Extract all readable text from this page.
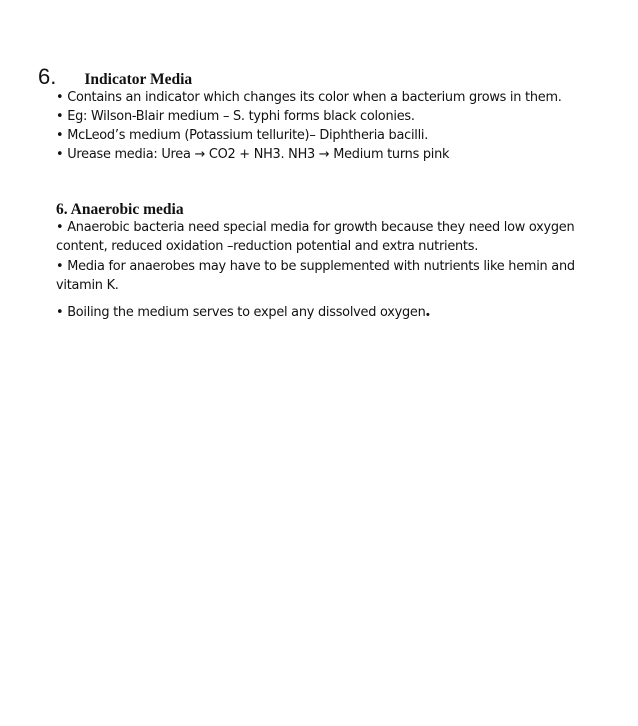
6. Indicator Media
• Contains an indicator which changes its color when a bacterium grows in them.
• Eg: Wilson-Blair medium – S. typhi forms black colonies.
• McLeod’s medium (Potassium tellurite)– Diphtheria bacilli.
• Urease media: Urea → CO2 + NH3. NH3 → Medium turns pink
6. Anaerobic media
• Anaerobic bacteria need special media for growth because they need low oxygen
content, reduced oxidation –reduction potential and extra nutrients.
• Media for anaerobes may have to be supplemented with nutrients like hemin and
vitamin K.
• Boiling the medium serves to expel any dissolved oxygen.
